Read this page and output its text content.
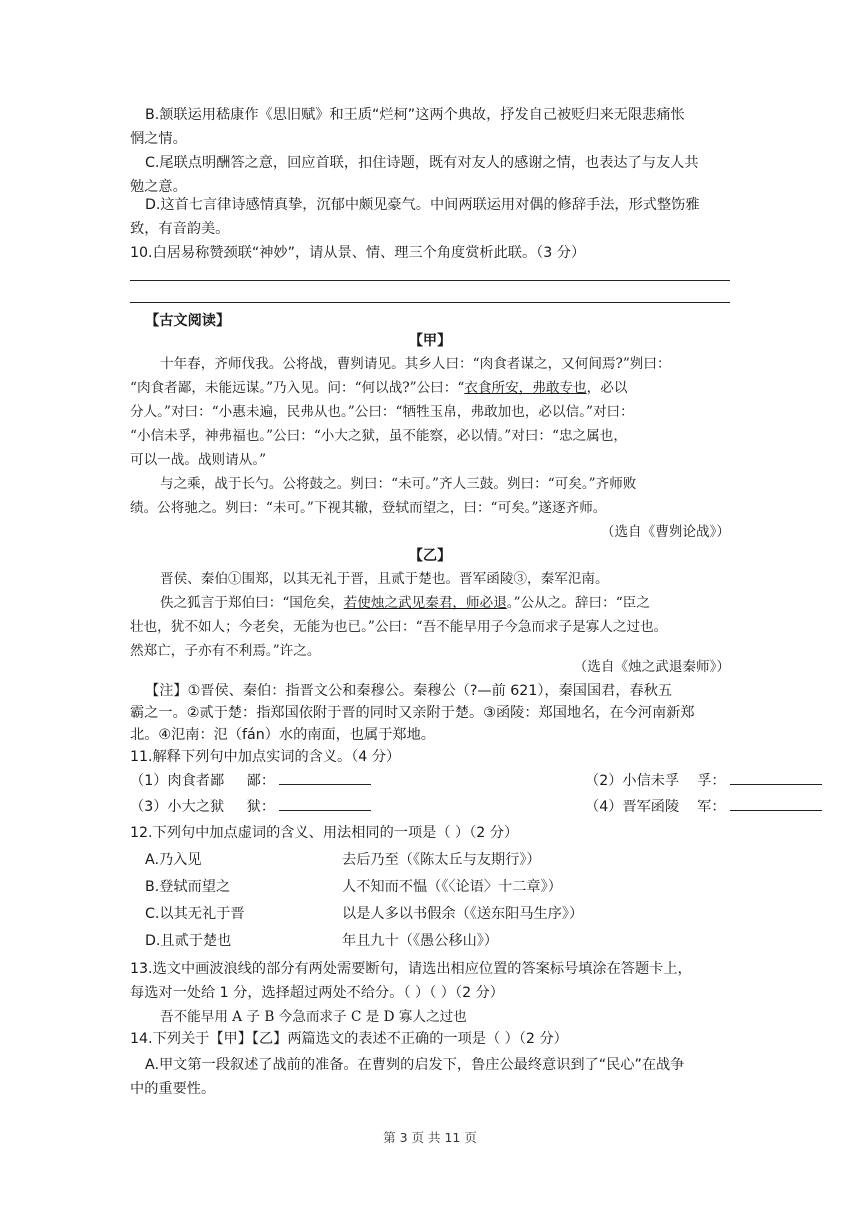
B.颔联运用嵇康作《思旧赋》和王质“烂柯”这两个典故，抒发自己被贬归来无限悲痛怅
惘之情。
C.尾联点明酬答之意，回应首联，扣住诗题，既有对友人的感谢之情，也表达了与友人共
勉之意。
D.这首七言律诗感情真挚，沉郁中颇见豪气。中间两联运用对偶的修辞手法，形式整饬雅
致，有音韵美。
10.白居易称赞颈联“神妙”，请从景、情、理三个角度赏析此联。（3 分）
【古文阅读】
【甲】
十年春，齐师伐我。公将战，曹刿请见。其乡人曰：“肉食者谋之，又何间焉?”刿曰：
“肉食者鄙，未能远谋。”乃入见。问：“何以战?”公曰：“衣食所安，弗敢专也，必以
分人。”对曰：“小惠未遍，民弗从也。”公曰：“牺牲玉帛，弗敢加也，必以信。”对曰：
“小信未孚，神弗福也。”公曰：“小大之狱，虽不能察，必以情。”对曰：“忠之属也，
可以一战。战则请从。”
与之乘，战于长勺。公将鼓之。刿曰：“未可。”齐人三鼓。刿曰：“可矣。”齐师败
绩。公将驰之。刿曰：“未可。”下视其辙，登轼而望之，曰：“可矣。”遂逐齐师。
（选自《曹刿论战》）
【乙】
晋侯、秦伯①围郑，以其无礼于晋，且贰于楚也。晋军函陵③，秦军氾南。
佚之狐言于郑伯曰：“国危矣，若使烛之武见秦君，师必退。”公从之。辞曰：“臣之
壮也，犹不如人；今老矣，无能为也已。”公曰：“吾不能早用子今急而求子是寡人之过也。
然郑亡，子亦有不利焉。”许之。
（选自《烛之武退秦师》）
【注】①晋侯、秦伯：指晋文公和秦穆公。秦穆公（?—前 621），秦国国君，春秋五
霸之一。②贰于楚：指郑国依附于晋的同时又亲附于楚。③函陵：郑国地名，在今河南新郑
北。④氾南：氾（fán）水的南面，也属于郑地。
11.解释下列句中加点实词的含义。（4 分）
（1）肉食者鄙 鄙：	（2）小信未孚 孚：
（3）小大之狱 狱：	（4）晋军函陵 军：
12.下列句中加点虚词的含义、用法相同的一项是（ ）（2 分）
A.乃入见	去后乃至（《陈太丘与友期行》）
B.登轼而望之	人不知而不愠（《〈论语〉十二章》）
C.以其无礼于晋	以是人多以书假余（《送东阳马生序》）
D.且贰于楚也	年且九十（《愚公移山》）
13.选文中画波浪线的部分有两处需要断句，请选出相应位置的答案标号填涂在答题卡上，
每选对一处给 1 分，选择超过两处不给分。（ ）（ ）（2 分）
吾不能早用 A 子 B 今急而求子 C 是 D 寡人之过也
14.下列关于【甲】【乙】两篇选文的表述不正确的一项是（ ）（2 分）
A.甲文第一段叙述了战前的准备。在曹刿的启发下，鲁庄公最终意识到了“民心”在战争
中的重要性。
第 3 页 共 11 页
